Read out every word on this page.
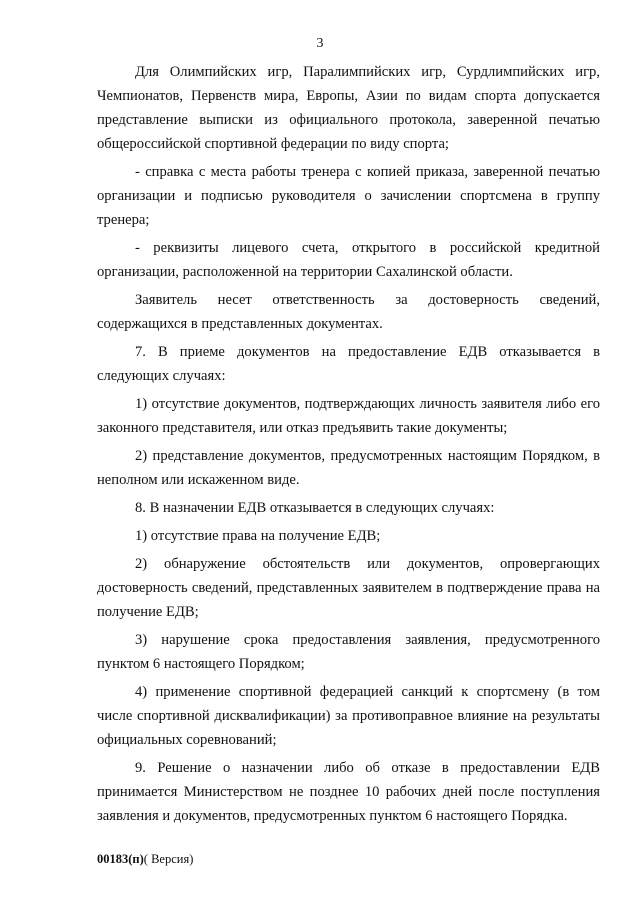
3

Для Олимпийских игр, Паралимпийских игр, Сурдлимпийских игр, Чемпионатов, Первенств мира, Европы, Азии по видам спорта допускается представление выписки из официального протокола, заверенной печатью общероссийской спортивной федерации по виду спорта;

- справка с места работы тренера с копией приказа, заверенной печатью организации и подписью руководителя о зачислении спортсмена в группу тренера;

- реквизиты лицевого счета, открытого в российской кредитной организации, расположенной на территории Сахалинской области.

Заявитель несет ответственность за достоверность сведений, содержащихся в представленных документах.

7. В приеме документов на предоставление ЕДВ отказывается в следующих случаях:

1) отсутствие документов, подтверждающих личность заявителя либо его законного представителя, или отказ предъявить такие документы;

2) представление документов, предусмотренных настоящим Порядком, в неполном или искаженном виде.

8. В назначении ЕДВ отказывается в следующих случаях:

1) отсутствие права на получение ЕДВ;

2) обнаружение обстоятельств или документов, опровергающих достоверность сведений, представленных заявителем в подтверждение права на получение ЕДВ;

3) нарушение срока предоставления заявления, предусмотренного пунктом 6 настоящего Порядком;

4) применение спортивной федерацией санкций к спортсмену (в том числе спортивной дисквалификации) за противоправное влияние на результаты официальных соревнований;

9. Решение о назначении либо об отказе в предоставлении ЕДВ принимается Министерством не позднее 10 рабочих дней после поступления заявления и документов, предусмотренных пунктом 6 настоящего Порядка.

00183(п)( Версия)
